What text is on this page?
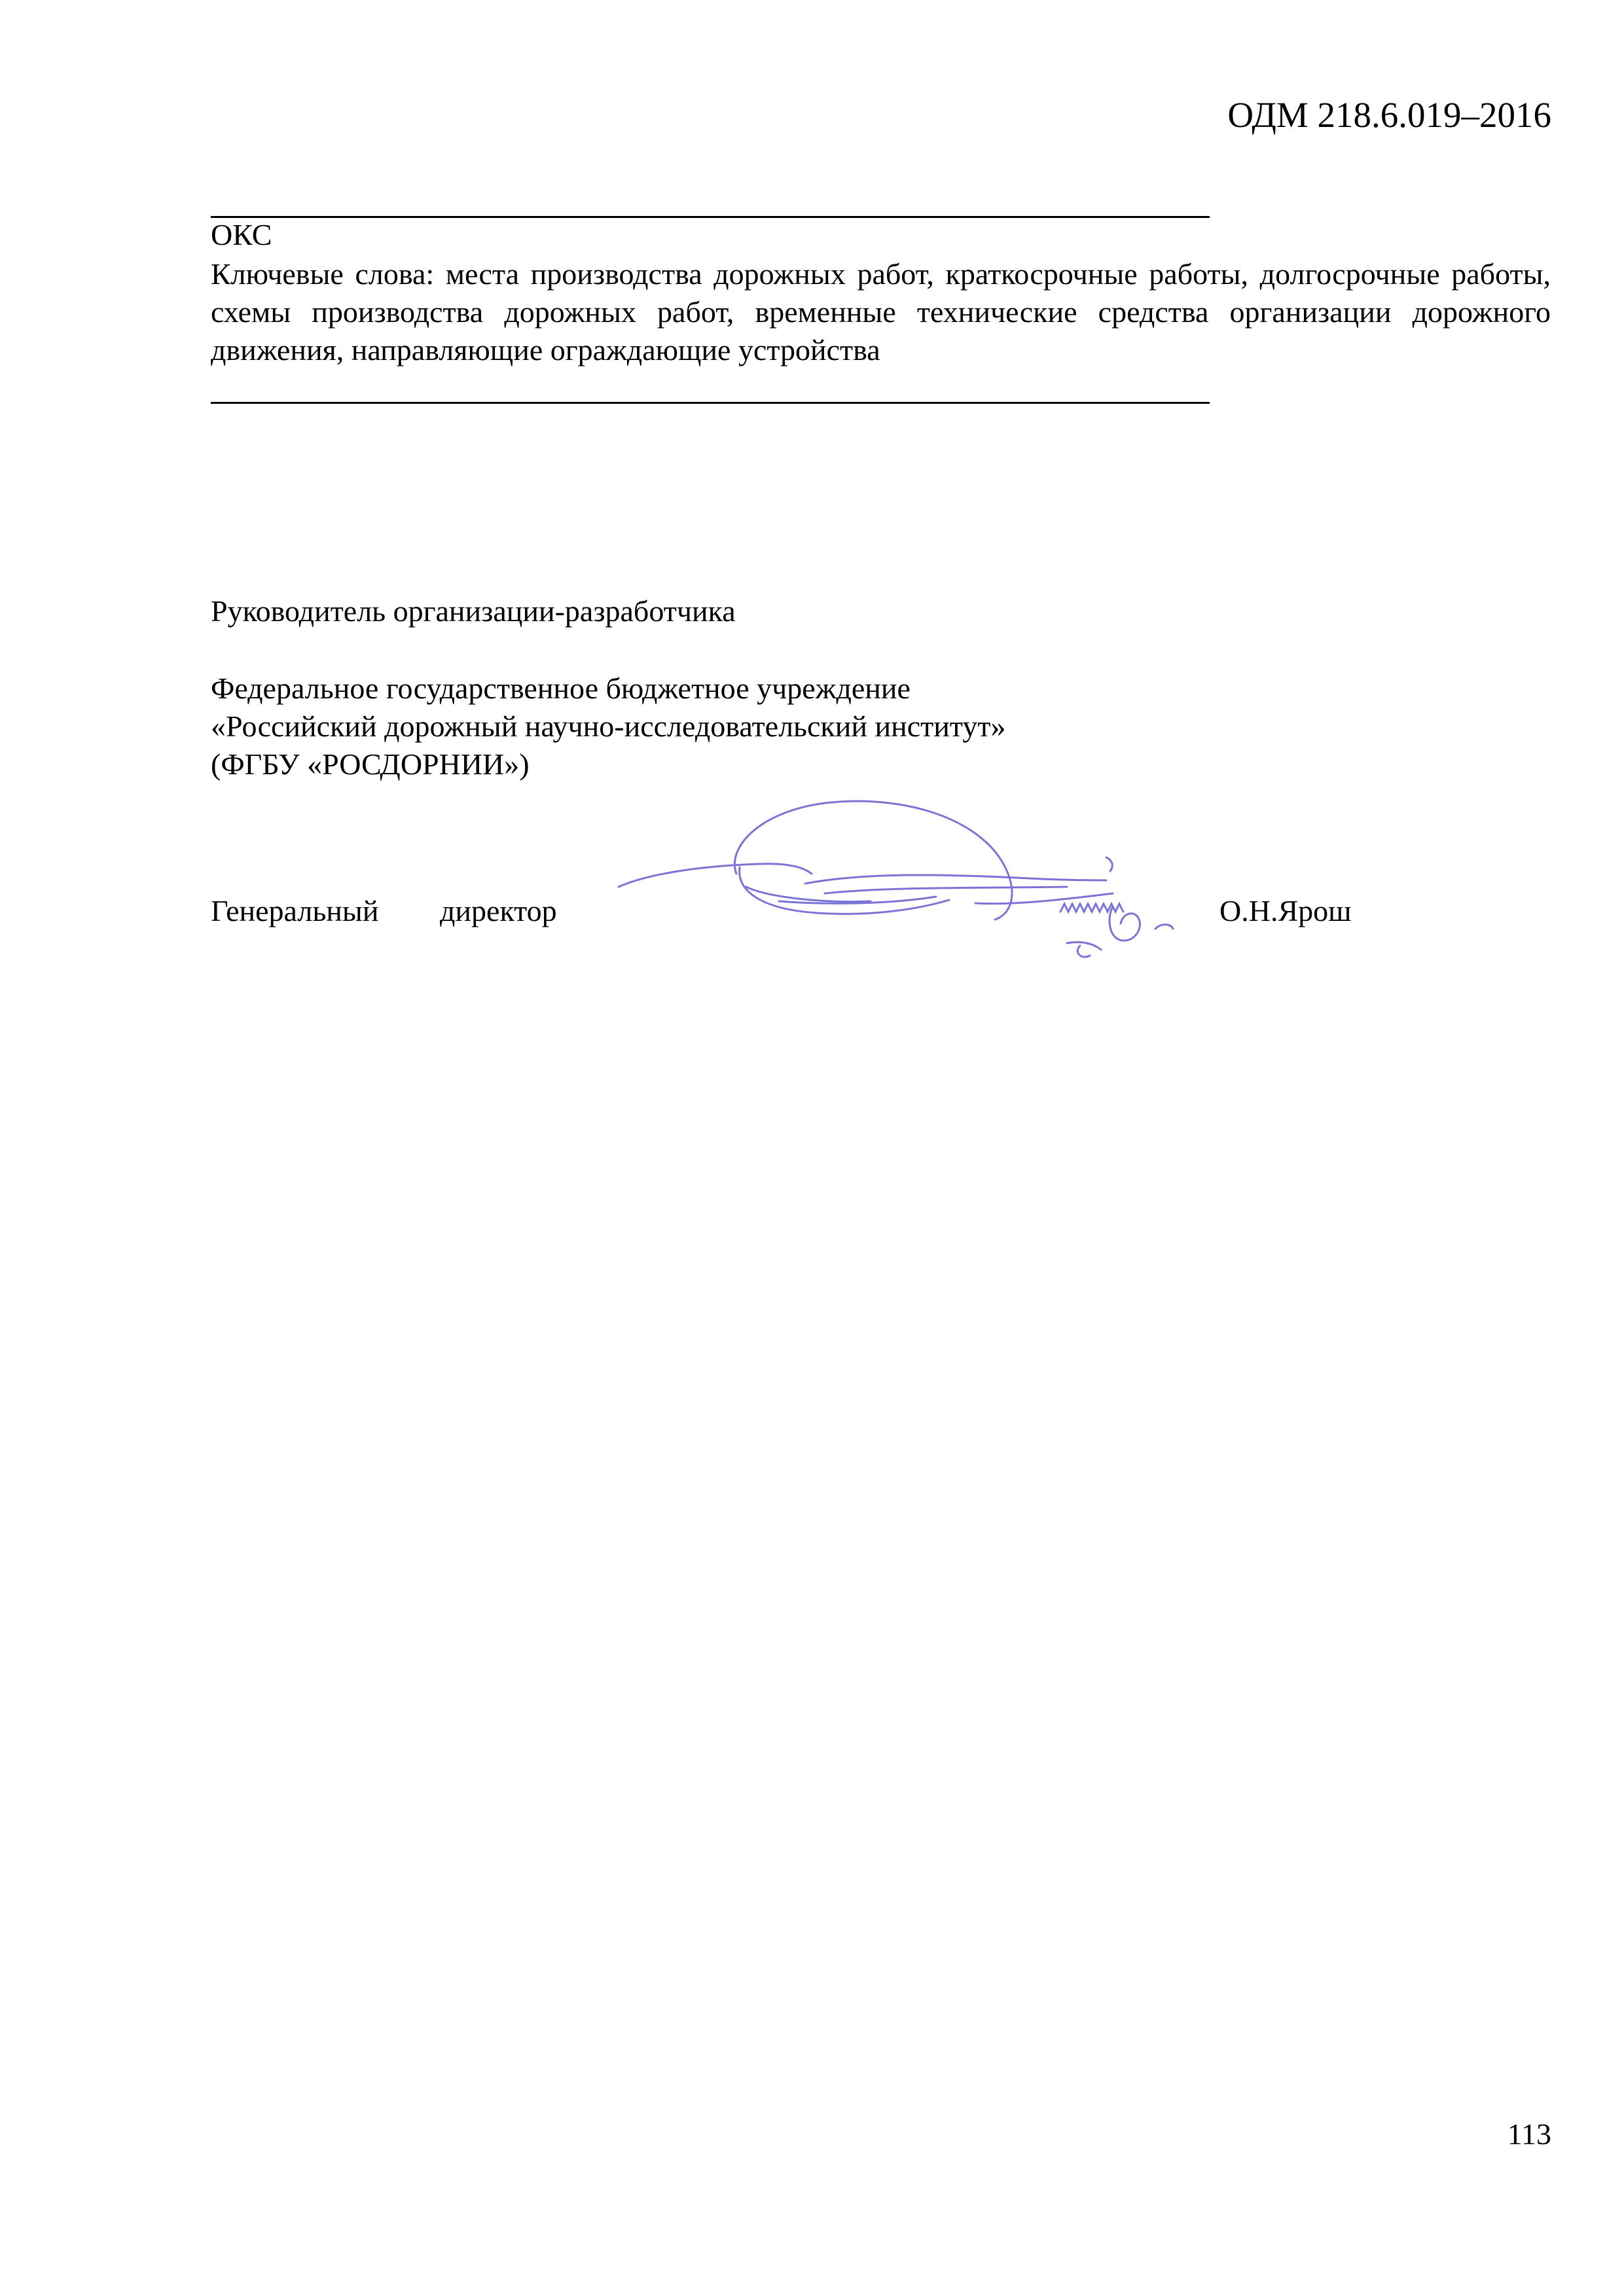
ОДМ 218.6.019–2016

ОКС

Ключевые слова: места производства дорожных работ, краткосрочные работы, долгосрочные работы, схемы производства дорожных работ, временные технические средства организации дорожного движения, направляющие ограждающие устройства

Руководитель организации-разработчика
Федеральное государственное бюджетное учреждение
«Российский дорожный научно-исследовательский институт»
(ФГБУ «РОСДОРНИИ»)
Генеральный директор	О.Н.Ярош
113
